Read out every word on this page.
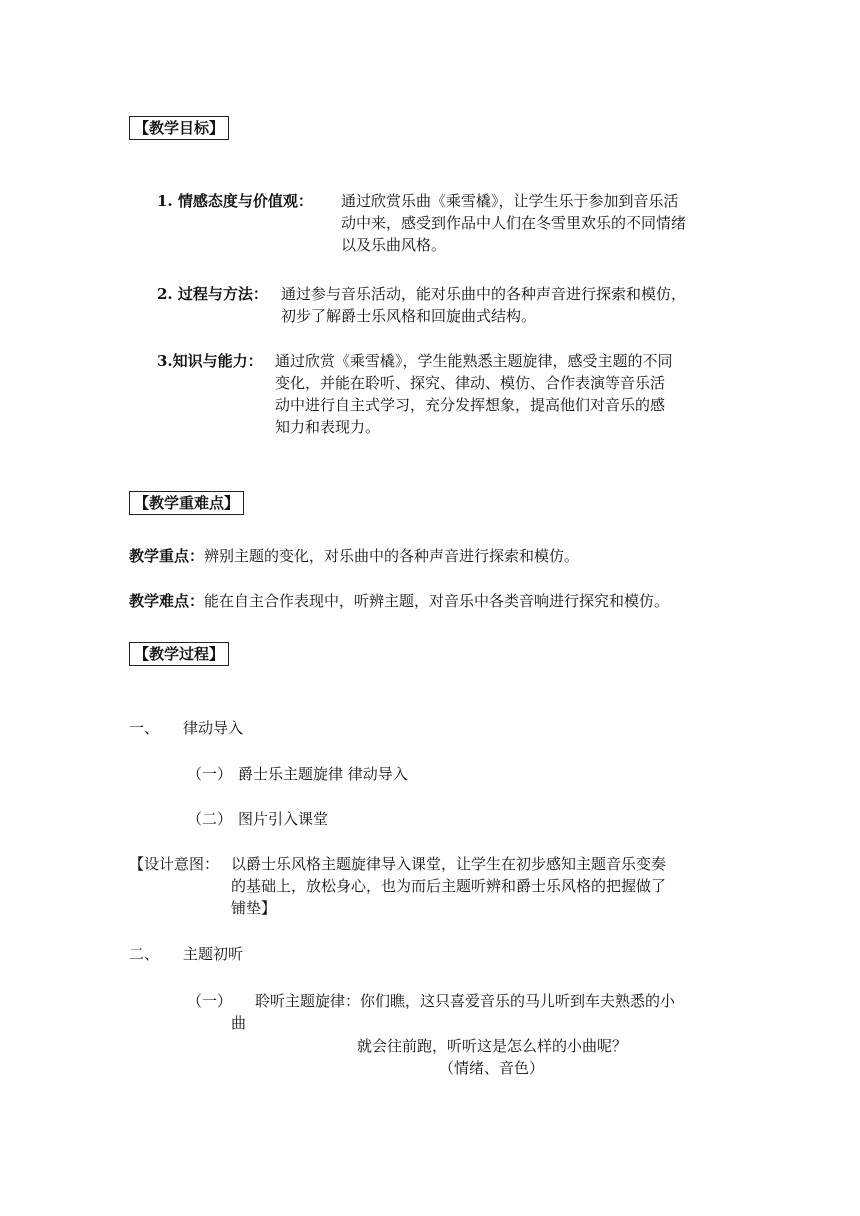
【教学目标】
1. 情感态度与价值观： 通过欣赏乐曲《乘雪橇》，让学生乐于参加到音乐活
动中来，感受到作品中人们在冬雪里欢乐的不同情绪
以及乐曲风格。
2. 过程与方法： 通过参与音乐活动，能对乐曲中的各种声音进行探索和模仿，
初步了解爵士乐风格和回旋曲式结构。
3.知识与能力： 通过欣赏《乘雪橇》，学生能熟悉主题旋律，感受主题的不同
变化，并能在聆听、探究、律动、模仿、合作表演等音乐活
动中进行自主式学习，充分发挥想象，提高他们对音乐的感
知力和表现力。
【教学重难点】
教学重点：辨别主题的变化，对乐曲中的各种声音进行探索和模仿。
教学难点：能在自主合作表现中，听辨主题，对音乐中各类音响进行探究和模仿。
【教学过程】
一、 律动导入
（一） 爵士乐主题旋律 律动导入
（二） 图片引入课堂
【设计意图： 以爵士乐风格主题旋律导入课堂，让学生在初步感知主题音乐变奏
的基础上，放松身心，也为而后主题听辨和爵士乐风格的把握做了
铺垫】
二、 主题初听
（一） 聆听主题旋律：你们瞧，这只喜爱音乐的马儿听到车夫熟悉的小
曲
就会往前跑，听听这是怎么样的小曲呢？
（情绪、音色）
